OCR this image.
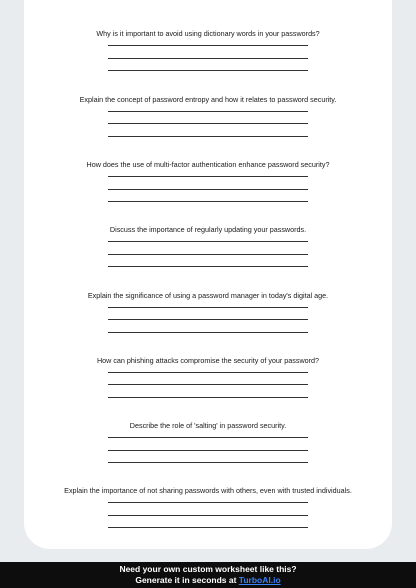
Why is it important to avoid using dictionary words in your passwords?

Explain the concept of password entropy and how it relates to password security.

How does the use of multi-factor authentication enhance password security?

Discuss the importance of regularly updating your passwords.

Explain the significance of using a password manager in today's digital age.

How can phishing attacks compromise the security of your password?

Describe the role of 'salting' in password security.

Explain the importance of not sharing passwords with others, even with trusted individuals.

Need your own custom worksheet like this?
Generate it in seconds at TurboAI.io
